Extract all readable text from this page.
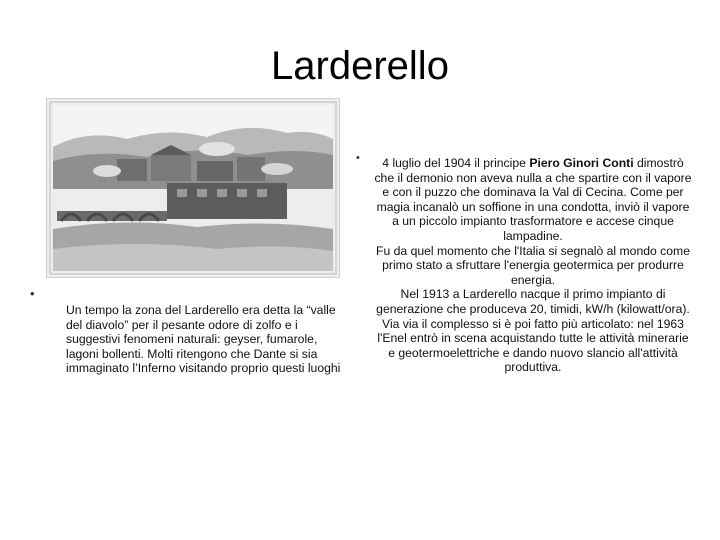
Larderello
•
Un tempo la zona del Larderello era detta la “valle del diavolo” per il pesante odore di zolfo e i suggestivi fenomeni naturali: geyser, fumarole, lagoni bollenti. Molti ritengono che Dante si sia immaginato l’Inferno visitando proprio questi luoghi
•	4 luglio del 1904 il principe Piero Ginori Conti dimostrò che il demonio non aveva nulla a che spartire con il vapore e con il puzzo che dominava la Val di Cecina. Come per magia incanalò un soffione in una condotta, inviò il vapore a un piccolo impianto trasformatore e accese cinque lampadine.

Fu da quel momento che l'Italia si segnalò al mondo come primo stato a sfruttare l'energia geotermica per produrre energia.

Nel 1913 a Larderello nacque il primo impianto di generazione che produceva 20, timidi, kW/h (kilowatt/ora). Via via il complesso si è poi fatto più articolato: nel 1963 l'Enel entrò in scena acquistando tutte le attività minerarie e geotermoelettriche e dando nuovo slancio all'attività produttiva.
